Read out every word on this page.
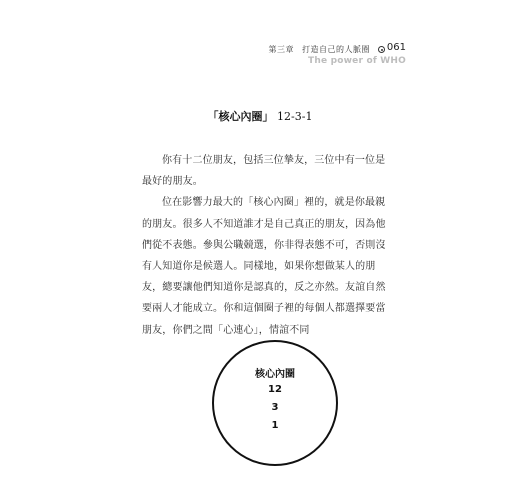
第三章 打造自己的人脈圈	061
The power of WHO
「核心內圈」 12-3-1

你有十二位朋友，包括三位摯友，三位中有一位是最好的朋友。

位在影響力最大的「核心內圈」裡的，就是你最親的朋友。很多人不知道誰才是自己真正的朋友，因為他們從不表態。參與公職競選，你非得表態不可，否則沒有人知道你是候選人。同樣地，如果你想做某人的朋友，總要讓他們知道你是認真的，反之亦然。友誼自然要兩人才能成立。你和這個圈子裡的每個人都選擇要當朋友，你們之間「心連心」，情誼不同

核心內圈
12
3
1
